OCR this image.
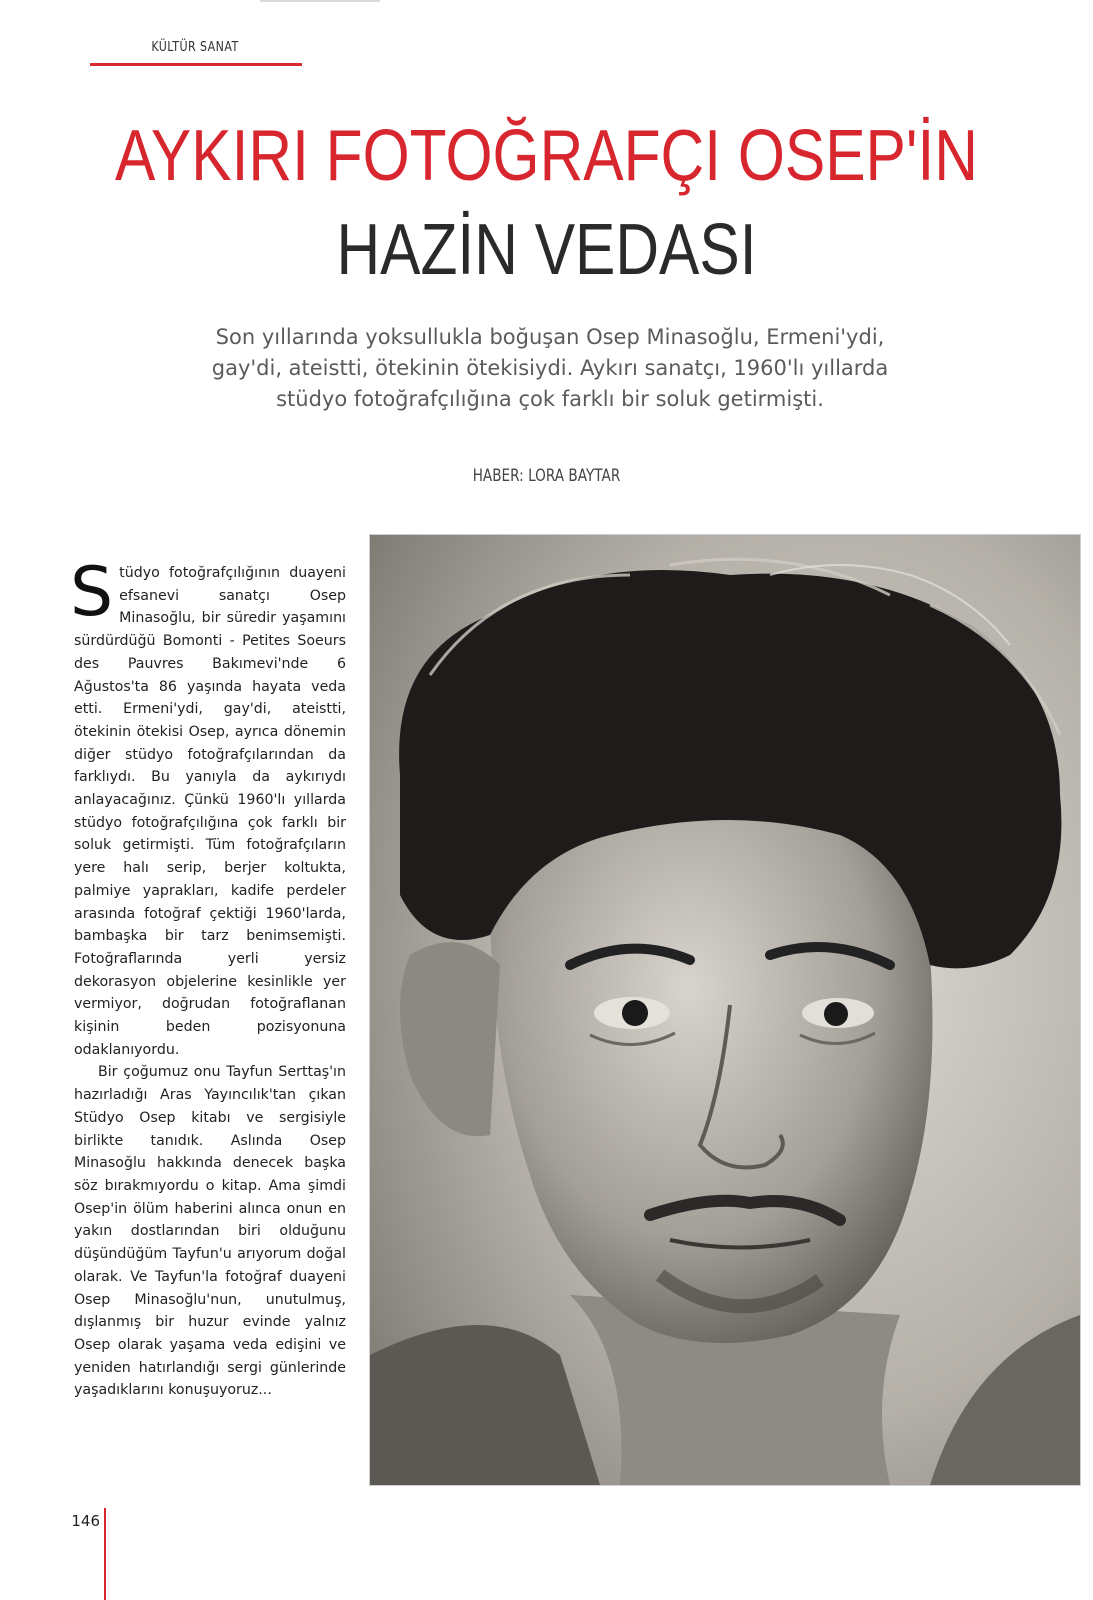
KÜLTÜR SANAT
AYKIRI FOTOĞRAFÇI OSEP'İN
HAZİN VEDASI

Son yıllarında yoksullukla boğuşan Osep Minasoğlu, Ermeni'ydi, gay'di, ateistti, ötekinin ötekisiydi. Aykırı sanatçı, 1960'lı yıllarda stüdyo fotoğrafçılığına çok farklı bir soluk getirmişti.

HABER: LORA BAYTAR

Stüdyo fotoğrafçılığının duayeni efsanevi sanatçı Osep Minasoğlu, bir süredir yaşamını sürdürdüğü Bomonti - Petites Soeurs des Pauvres Bakımevi'nde 6 Ağustos'ta 86 yaşında hayata veda etti. Ermeni'ydi, gay'di, ateistti, ötekinin ötekisi Osep, ayrıca dönemin diğer stüdyo fotoğrafçılarından da farklıydı. Bu yanıyla da aykırıydı anlayacağınız. Çünkü 1960'lı yıllarda stüdyo fotoğrafçılığına çok farklı bir soluk getirmişti. Tüm fotoğrafçıların yere halı serip, berjer koltukta, palmiye yaprakları, kadife perdeler arasında fotoğraf çektiği 1960'larda, bambaşka bir tarz benimsemişti. Fotoğraflarında yerli yersiz dekorasyon objelerine kesinlikle yer vermiyor, doğrudan fotoğraflanan kişinin beden pozisyonuna odaklanıyordu.

Bir çoğumuz onu Tayfun Serttaş'ın hazırladığı Aras Yayıncılık'tan çıkan Stüdyo Osep kitabı ve sergisiyle birlikte tanıdık. Aslında Osep Minasoğlu hakkında denecek başka söz bırakmıyordu o kitap. Ama şimdi Osep'in ölüm haberini alınca onun en yakın dostlarından biri olduğunu düşündüğüm Tayfun'u arıyorum doğal olarak. Ve Tayfun'la fotoğraf duayeni Osep Minasoğlu'nun, unutulmuş, dışlanmış bir huzur evinde yalnız Osep olarak yaşama veda edişini ve yeniden hatırlandığı sergi günlerinde yaşadıklarını konuşuyoruz...

146
